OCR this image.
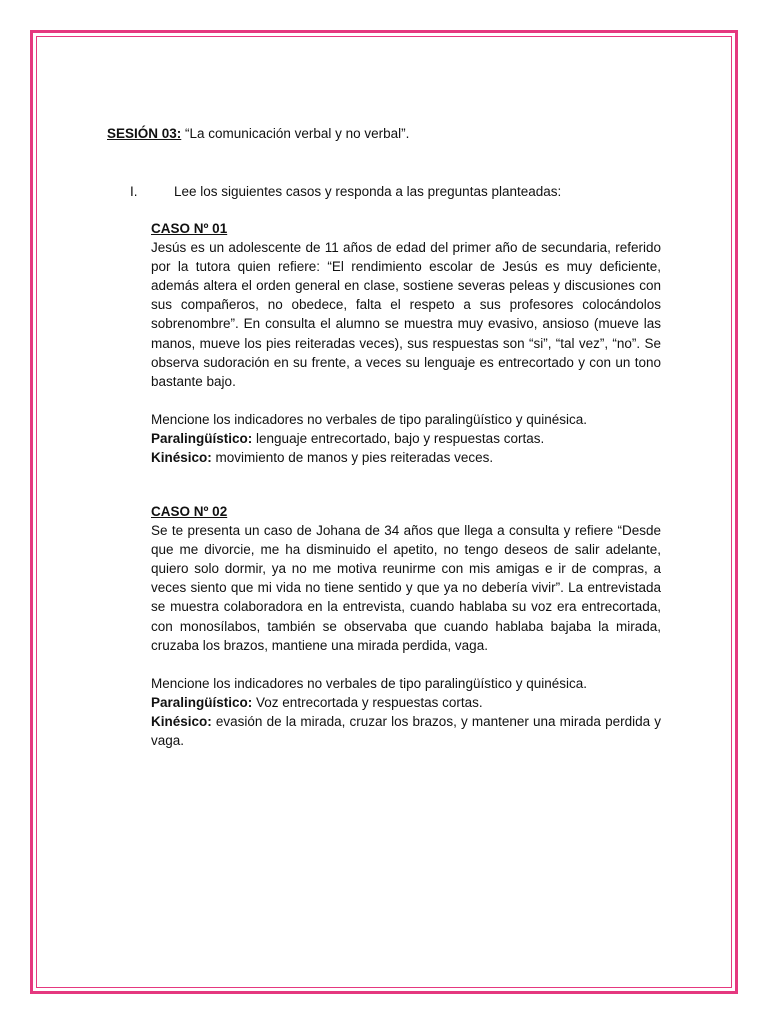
SESIÓN 03: “La comunicación verbal y no verbal”.
I.	Lee los siguientes casos y responda a las preguntas planteadas:
CASO Nº 01

Jesús es un adolescente de 11 años de edad del primer año de secundaria, referido por la tutora quien refiere: “El rendimiento escolar de Jesús es muy deficiente, además altera el orden general en clase, sostiene severas peleas y discusiones con sus compañeros, no obedece, falta el respeto a sus profesores colocándolos sobrenombre”. En consulta el alumno se muestra muy evasivo, ansioso (mueve las manos, mueve los pies reiteradas veces), sus respuestas son “si”, “tal vez”, “no”. Se observa sudoración en su frente, a veces su lenguaje es entrecortado y con un tono bastante bajo.

Mencione los indicadores no verbales de tipo paralingüístico y quinésica.

Paralingüístico: lenguaje entrecortado, bajo y respuestas cortas.

Kinésico: movimiento de manos y pies reiteradas veces.

CASO Nº 02

Se te presenta un caso de Johana de 34 años que llega a consulta y refiere “Desde que me divorcie, me ha disminuido el apetito, no tengo deseos de salir adelante, quiero solo dormir, ya no me motiva reunirme con mis amigas e ir de compras, a veces siento que mi vida no tiene sentido y que ya no debería vivir”. La entrevistada se muestra colaboradora en la entrevista, cuando hablaba su voz era entrecortada, con monosílabos, también se observaba que cuando hablaba bajaba la mirada, cruzaba los brazos, mantiene una mirada perdida, vaga.

Mencione los indicadores no verbales de tipo paralingüístico y quinésica.

Paralingüístico: Voz entrecortada y respuestas cortas.

Kinésico: evasión de la mirada, cruzar los brazos, y mantener una mirada perdida y vaga.
